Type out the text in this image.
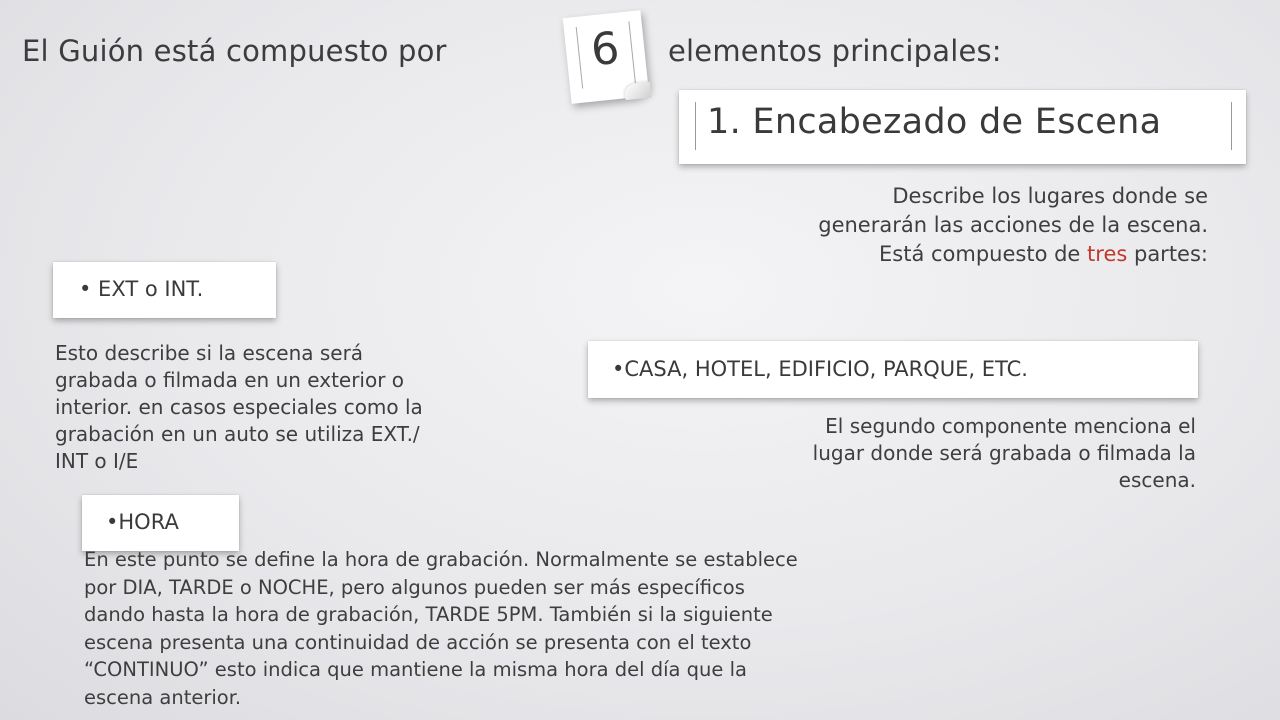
El Guión está compuesto por	6	elementos principales:
1. Encabezado de Escena
Describe los lugares donde se
generarán las acciones de la escena.
Está compuesto de tres partes:
• EXT o INT.
Esto describe si la escena será
grabada o filmada en un exterior o
interior. en casos especiales como la
grabación en un auto se utiliza EXT./
INT o I/E
•CASA, HOTEL, EDIFICIO, PARQUE, ETC.
El segundo componente menciona el
lugar donde será grabada o filmada la
escena.
•HORA
En este punto se define la hora de grabación. Normalmente se establece
por DIA, TARDE o NOCHE, pero algunos pueden ser más específicos
dando hasta la hora de grabación, TARDE 5PM. También si la siguiente
escena presenta una continuidad de acción se presenta con el texto
“CONTINUO” esto indica que mantiene la misma hora del día que la
escena anterior.
